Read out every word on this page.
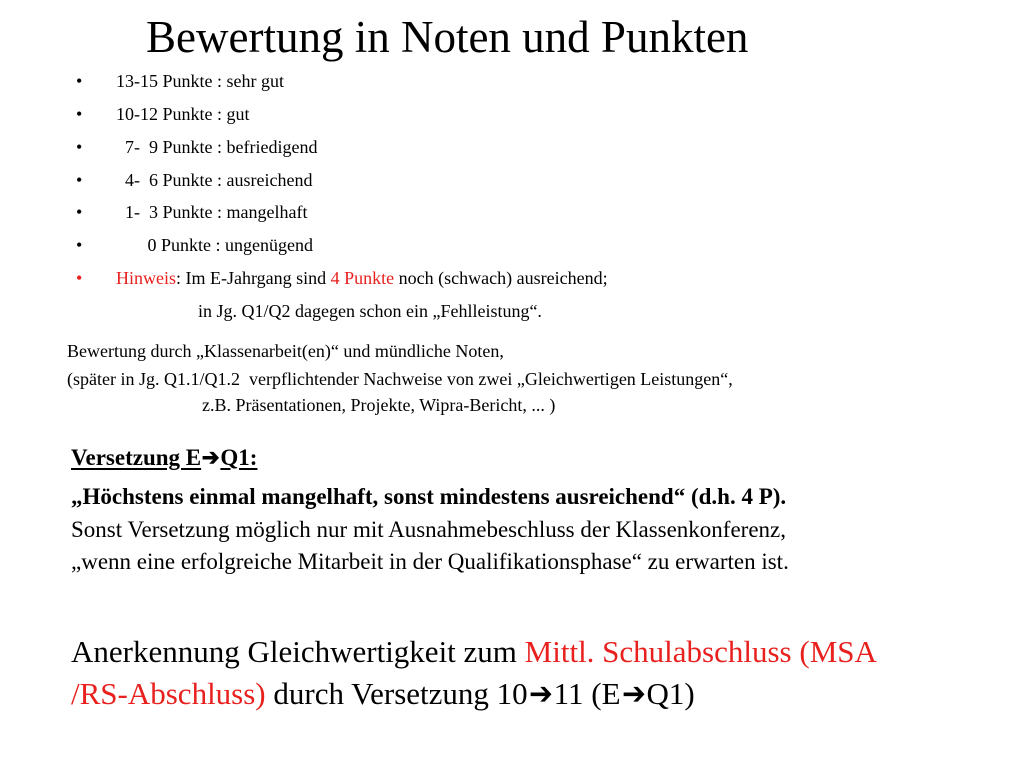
Bewertung in Noten und Punkten
• 13-15 Punkte : sehr gut
• 10-12 Punkte : gut
•  7-  9 Punkte : befriedigend
•  4-  6 Punkte : ausreichend
•  1-  3 Punkte : mangelhaft
•       0 Punkte : ungenügend
• Hinweis: Im E-Jahrgang sind 4 Punkte noch (schwach) ausreichend;
in Jg. Q1/Q2 dagegen schon ein „Fehlleistung“.
Bewertung durch „Klassenarbeit(en)“ und mündliche Noten,
(später in Jg. Q1.1/Q1.2  verpflichtender Nachweise von zwei „Gleichwertigen Leistungen“,
z.B. Präsentationen, Projekte, Wipra-Bericht, ... )
Versetzung E➔Q1:
„Höchstens einmal mangelhaft, sonst mindestens ausreichend“ (d.h. 4 P).
Sonst Versetzung möglich nur mit Ausnahmebeschluss der Klassenkonferenz,
„wenn eine erfolgreiche Mitarbeit in der Qualifikationsphase“ zu erwarten ist.
Anerkennung Gleichwertigkeit zum Mittl. Schulabschluss (MSA
/RS-Abschluss) durch Versetzung 10➔11 (E➔Q1)
